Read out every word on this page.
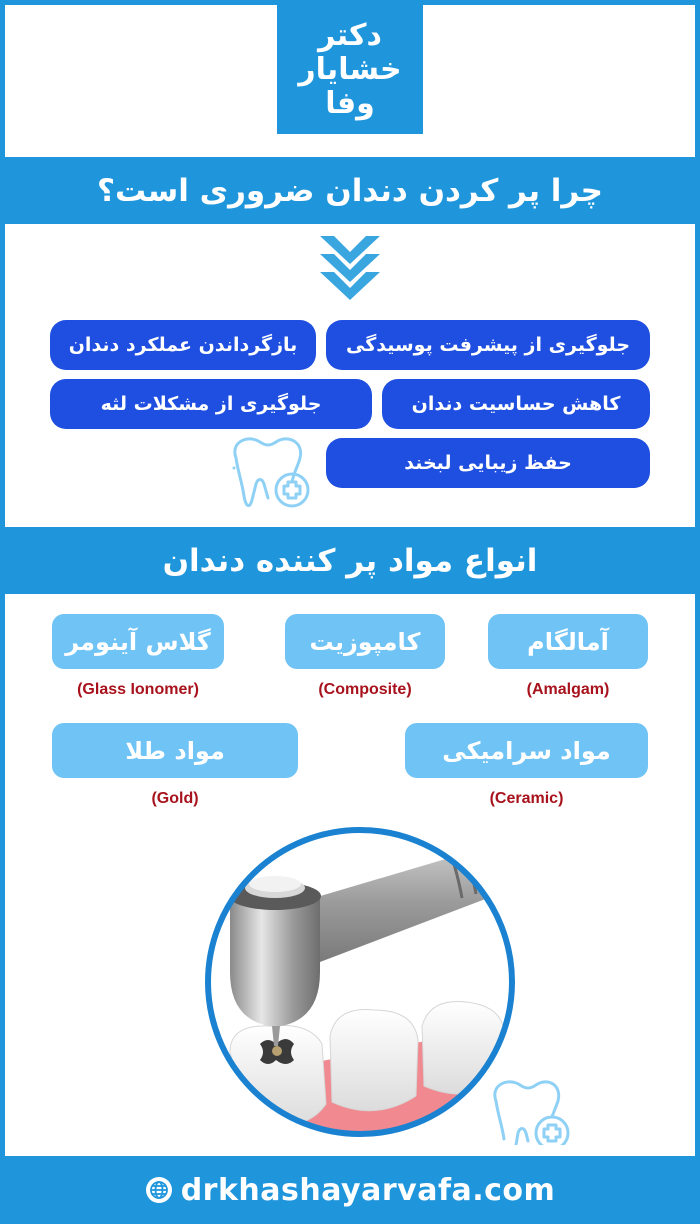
دکتر
خشایار
وفا
چرا پر کردن دندان ضروری است؟
جلوگیری از پیشرفت پوسیدگی
بازگرداندن عملکرد دندان
کاهش حساسیت دندان
جلوگیری از مشکلات لثه
حفظ زیبایی لبخند
انواع مواد پر کننده دندان
آمالگام
(Amalgam)
کامپوزیت
(Composite)
گلاس آینومر
(Glass Ionomer)
مواد سرامیکی
(Ceramic)
مواد طلا
(Gold)
drkhashayarvafa.com
